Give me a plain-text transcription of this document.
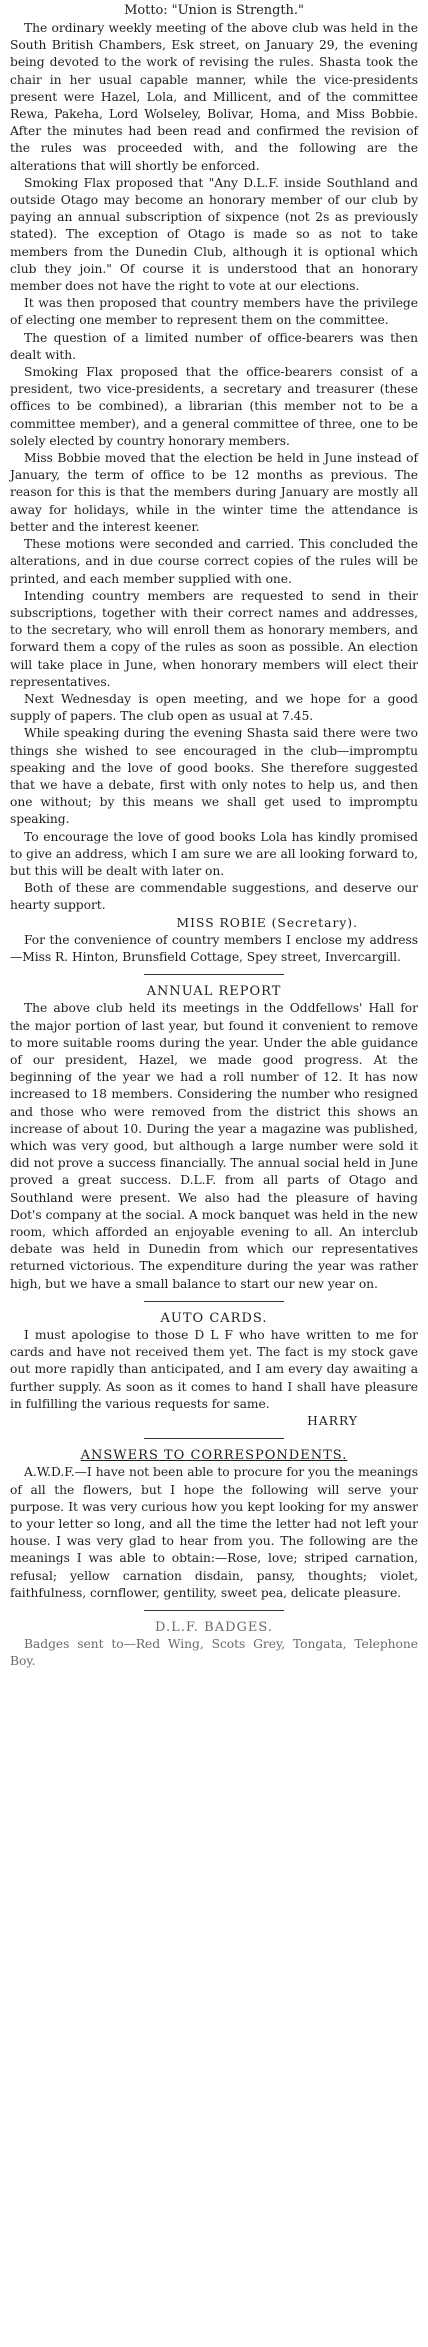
Motto: "Union is Strength."

The ordinary weekly meeting of the above club was held in the South British Chambers, Esk street, on January 29, the evening being devoted to the work of revising the rules. Shasta took the chair in her usual capable manner, while the vice-presidents present were Hazel, Lola, and Millicent, and of the committee Rewa, Pakeha, Lord Wolseley, Bolivar, Homa, and Miss Bobbie. After the minutes had been read and confirmed the revision of the rules was proceeded with, and the following are the alterations that will shortly be enforced.

Smoking Flax proposed that "Any D.L.F. inside Southland and outside Otago may become an honorary member of our club by paying an annual subscription of sixpence (not 2s as previously stated). The exception of Otago is made so as not to take members from the Dunedin Club, although it is optional which club they join." Of course it is understood that an honorary member does not have the right to vote at our elections.

It was then proposed that country members have the privilege of electing one member to represent them on the committee.

The question of a limited number of office-bearers was then dealt with.

Smoking Flax proposed that the office-bearers consist of a president, two vice-presidents, a secretary and treasurer (these offices to be combined), a librarian (this member not to be a committee member), and a general committee of three, one to be solely elected by country honorary members.

Miss Bobbie moved that the election be held in June instead of January, the term of office to be 12 months as previous. The reason for this is that the members during January are mostly all away for holidays, while in the winter time the attendance is better and the interest keener.

These motions were seconded and carried. This concluded the alterations, and in due course correct copies of the rules will be printed, and each member supplied with one.

Intending country members are requested to send in their subscriptions, together with their correct names and addresses, to the secretary, who will enroll them as honorary members, and forward them a copy of the rules as soon as possible. An election will take place in June, when honorary members will elect their representatives.

Next Wednesday is open meeting, and we hope for a good supply of papers. The club open as usual at 7.45.

While speaking during the evening Shasta said there were two things she wished to see encouraged in the club—impromptu speaking and the love of good books. She therefore suggested that we have a debate, first with only notes to help us, and then one without; by this means we shall get used to impromptu speaking.

To encourage the love of good books Lola has kindly promised to give an address, which I am sure we are all looking forward to, but this will be dealt with later on.

Both of these are commendable suggestions, and deserve our hearty support.

MISS ROBIE (Secretary).

For the convenience of country members I enclose my address—Miss R. Hinton, Brunsfield Cottage, Spey street, Invercargill.

ANNUAL REPORT

The above club held its meetings in the Oddfellows' Hall for the major portion of last year, but found it convenient to remove to more suitable rooms during the year. Under the able guidance of our president, Hazel, we made good progress. At the beginning of the year we had a roll number of 12. It has now increased to 18 members. Considering the number who resigned and those who were removed from the district this shows an increase of about 10. During the year a magazine was published, which was very good, but although a large number were sold it did not prove a success financially. The annual social held in June proved a great success. D.L.F. from all parts of Otago and Southland were present. We also had the pleasure of having Dot's company at the social. A mock banquet was held in the new room, which afforded an enjoyable evening to all. An interclub debate was held in Dunedin from which our representatives returned victorious. The expenditure during the year was rather high, but we have a small balance to start our new year on.

AUTO CARDS.

I must apologise to those D L F who have written to me for cards and have not received them yet. The fact is my stock gave out more rapidly than anticipated, and I am every day awaiting a further supply. As soon as it comes to hand I shall have pleasure in fulfilling the various requests for same.

HARRY

ANSWERS TO CORRESPONDENTS.

A.W.D.F.—I have not been able to procure for you the meanings of all the flowers, but I hope the following will serve your purpose. It was very curious how you kept looking for my answer to your letter so long, and all the time the letter had not left your house. I was very glad to hear from you. The following are the meanings I was able to obtain:—Rose, love; striped carnation, refusal; yellow carnation disdain, pansy, thoughts; violet, faithfulness, cornflower, gentility, sweet pea, delicate pleasure.

D.L.F. BADGES.

Badges sent to—Red Wing, Scots Grey, Tongata, Telephone Boy.
